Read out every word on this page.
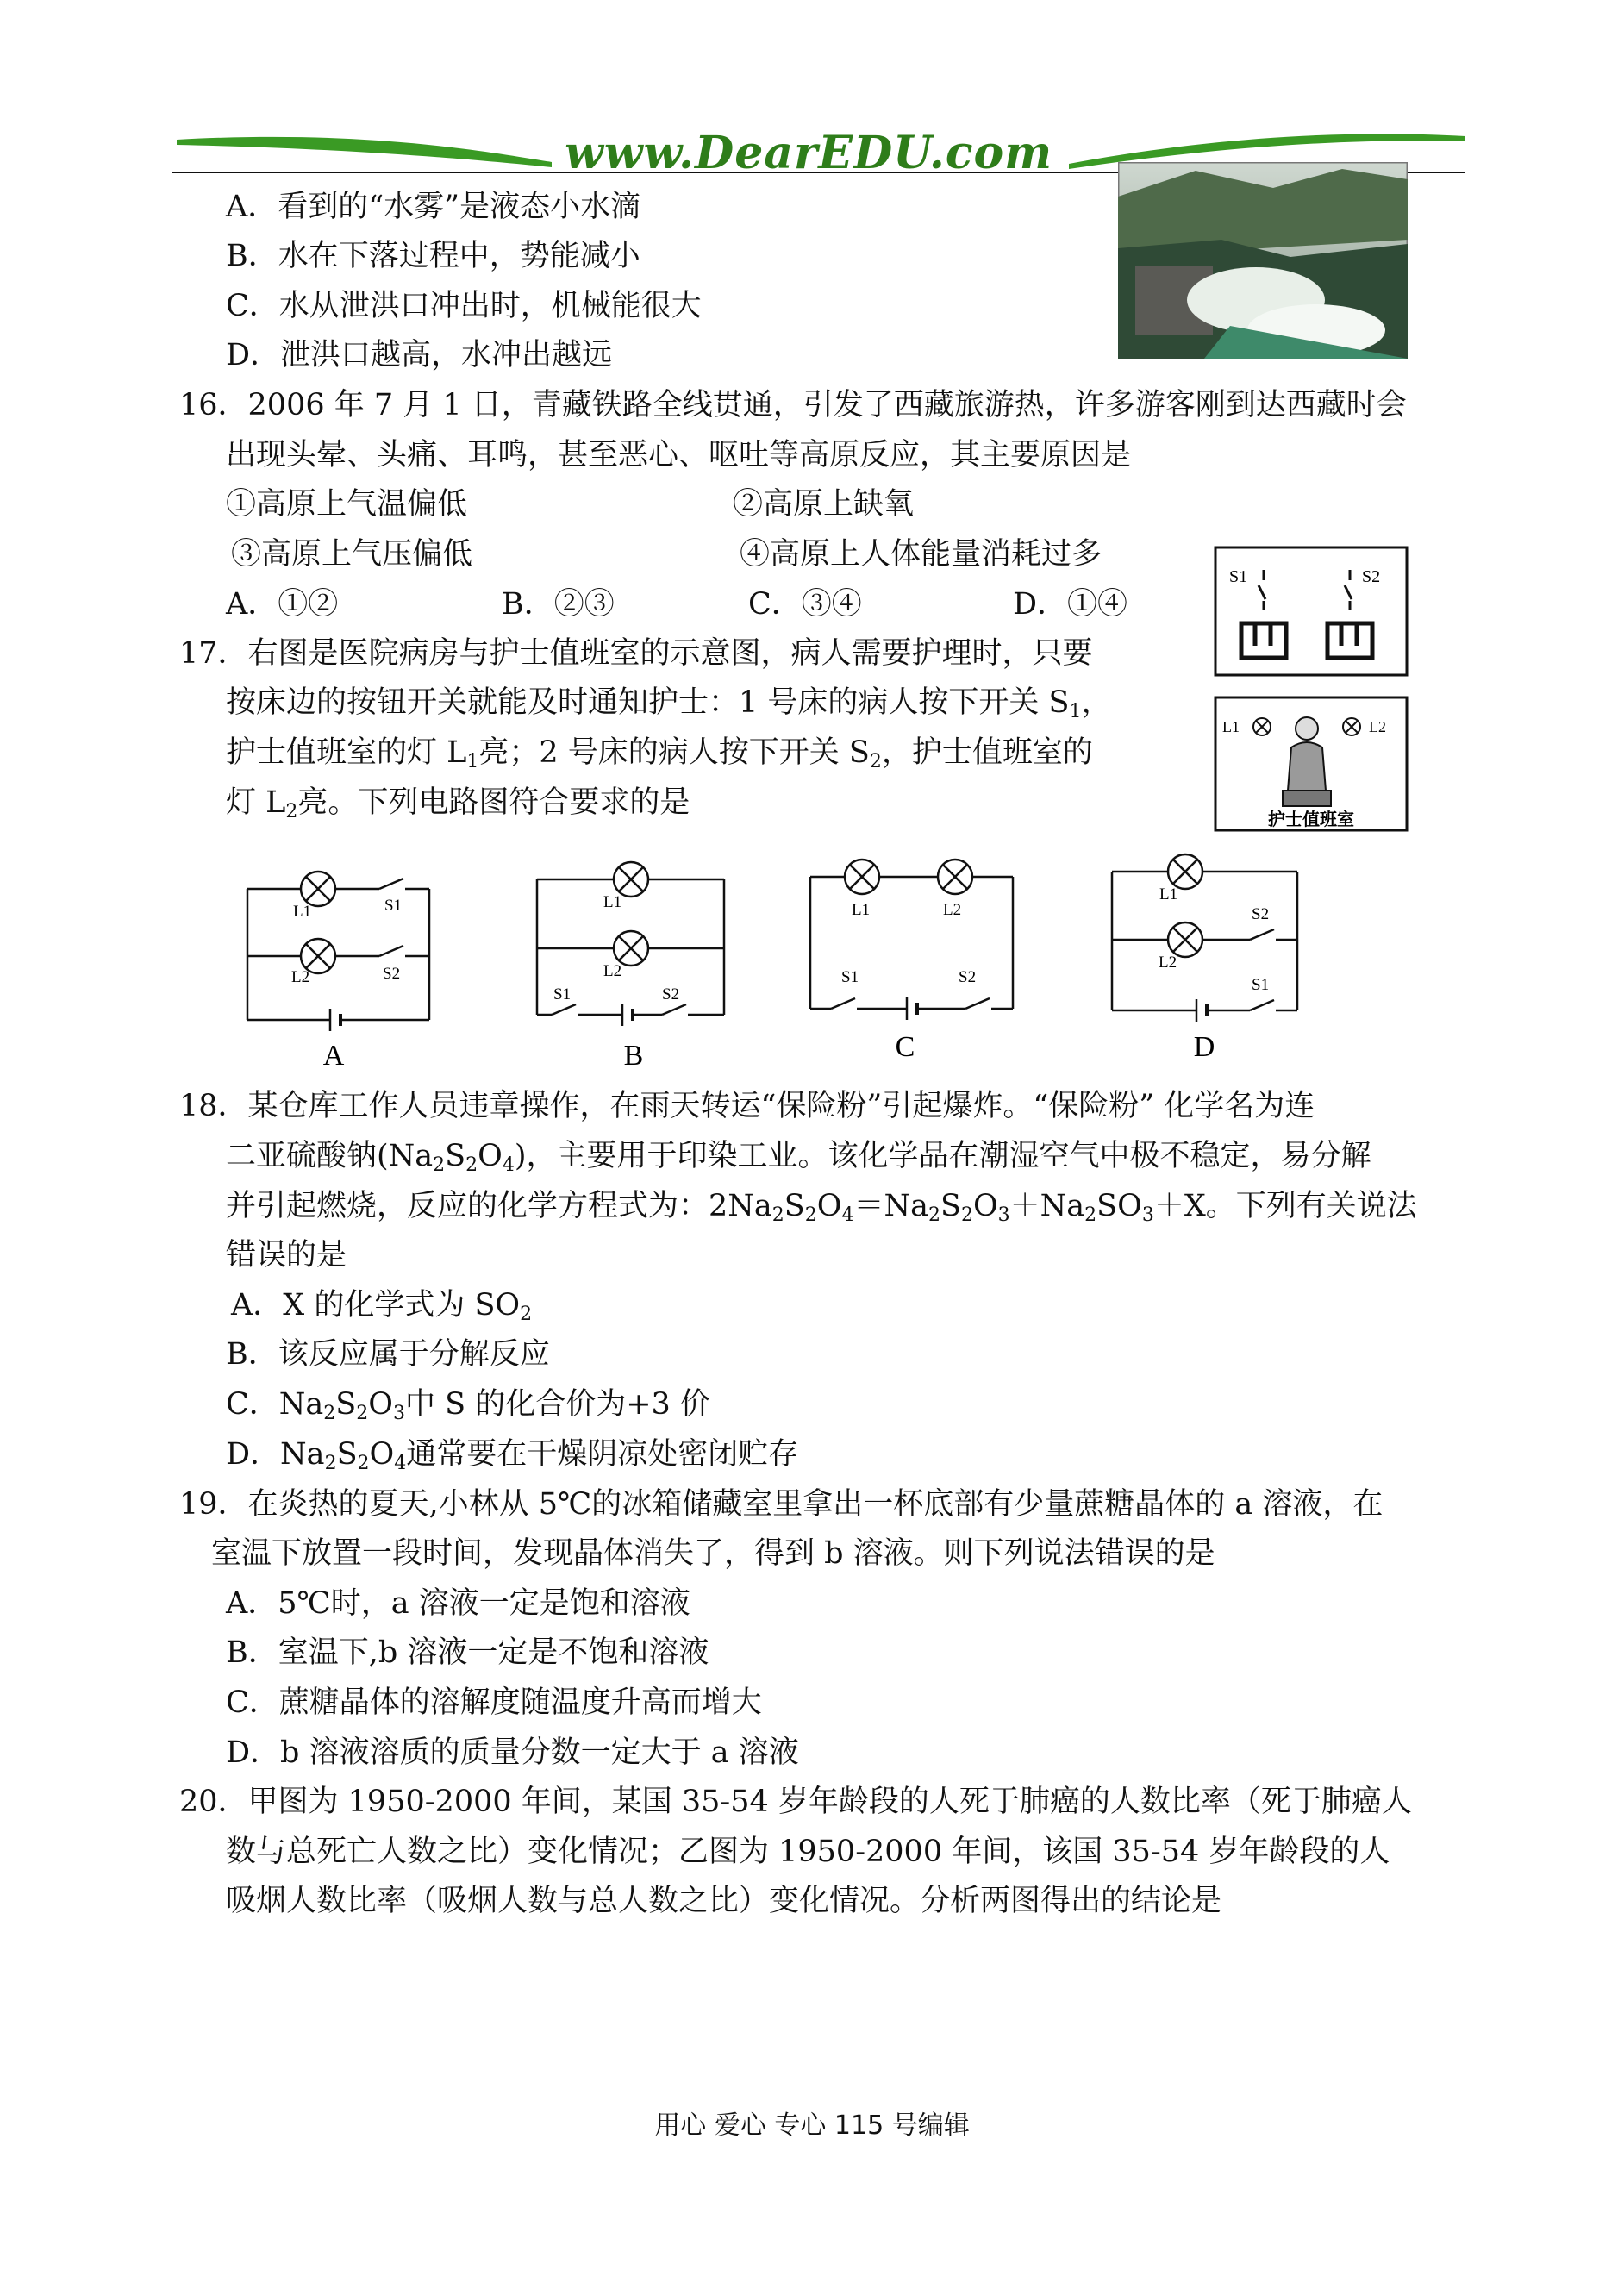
www.DearEDU.com
A．看到的“水雾”是液态小水滴
B．水在下落过程中，势能减小
C．水从泄洪口冲出时，机械能很大
D．泄洪口越高，水冲出越远
16．2006 年 7 月 1 日，青藏铁路全线贯通，引发了西藏旅游热，许多游客刚到达西藏时会
出现头晕、头痛、耳鸣，甚至恶心、呕吐等高原反应，其主要原因是
①高原上气温偏低	②高原上缺氧
③高原上气压偏低	④高原上人体能量消耗过多
A．①②	B．②③	C．③④	D．①④
S1	S2
L1	L2
护士值班室
17．右图是医院病房与护士值班室的示意图，病人需要护理时，只要
按床边的按钮开关就能及时通知护士：1 号床的病人按下开关 $S_1$，
护士值班室的灯 $L_1$亮；2 号床的病人按下开关 $S_2$，护士值班室的
灯 $L_2$亮。下列电路图符合要求的是
L1	S1
L2	S2
A
L1
L2
S1	S2
B
L1	L2
S1	S2
C
L1
L2
S2
S1
D
18．某仓库工作人员违章操作，在雨天转运“保险粉”引起爆炸。“保险粉” 化学名为连
二亚硫酸钠$(Na_2S_2O_4)$，主要用于印染工业。该化学品在潮湿空气中极不稳定，易分解
并引起燃烧，反应的化学方程式为：$2Na_2S_2O_4=Na_2S_2O_3+Na_2SO_3+X$。下列有关说法
错误的是
A．X 的化学式为 $SO_2$
B．该反应属于分解反应
C．$Na_2S_2O_3$中 S 的化合价为+3 价
D．$Na_2S_2O_4$通常要在干燥阴凉处密闭贮存
19．在炎热的夏天,小林从 5℃的冰箱储藏室里拿出一杯底部有少量蔗糖晶体的 a 溶液，在
室温下放置一段时间，发现晶体消失了，得到 b 溶液。则下列说法错误的是
A．5℃时，a 溶液一定是饱和溶液
B．室温下,b 溶液一定是不饱和溶液
C．蔗糖晶体的溶解度随温度升高而增大
D．b 溶液溶质的质量分数一定大于 a 溶液
20．甲图为 1950-2000 年间，某国 35-54 岁年龄段的人死于肺癌的人数比率（死于肺癌人
数与总死亡人数之比）变化情况；乙图为 1950-2000 年间，该国 35-54 岁年龄段的人
吸烟人数比率（吸烟人数与总人数之比）变化情况。分析两图得出的结论是
用心 爱心 专心 115 号编辑
